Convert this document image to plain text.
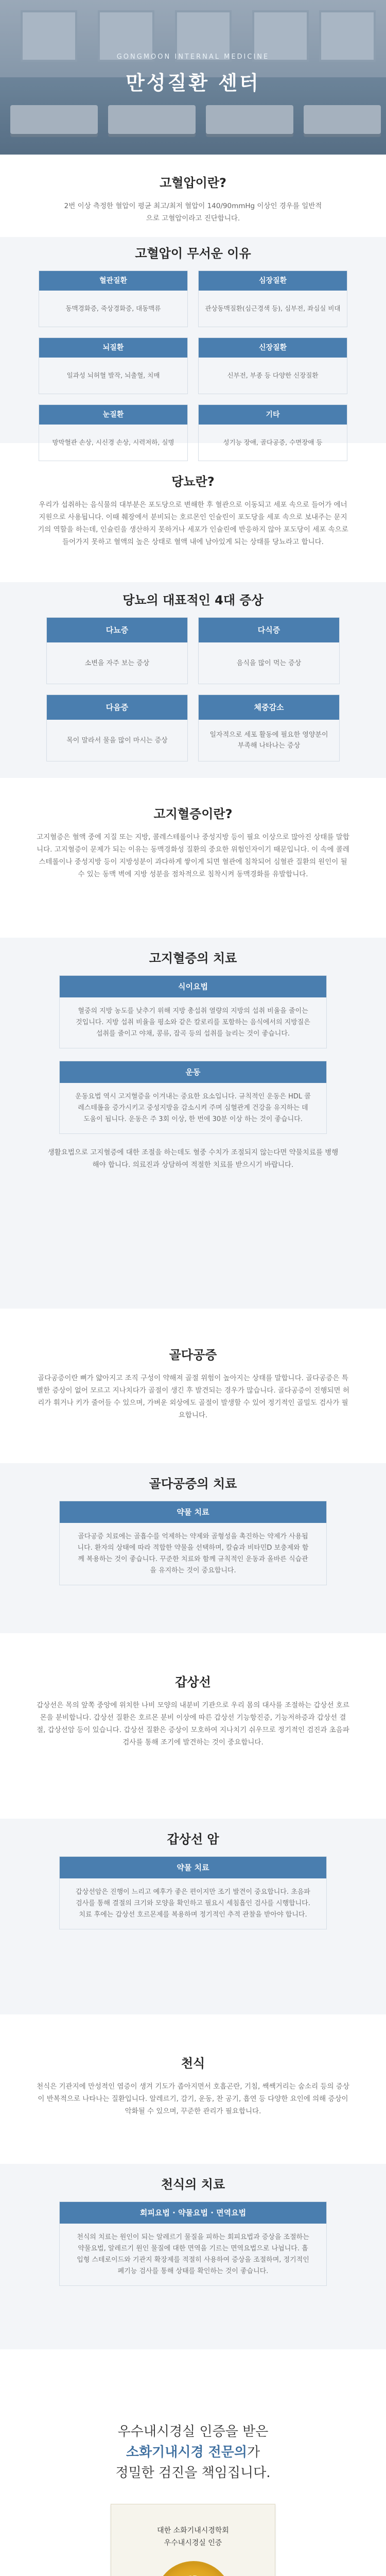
GONGMOON INTERNAL MEDICINE
만성질환 센터
고혈압이란?
2번 이상 측정한 혈압이 평균 최고/최저 혈압이 140/90mmHg 이상인 경우를 일반적으로 고혈압이라고 진단합니다.
고혈압이 무서운 이유
혈관질환
동맥경화증, 죽상경화증, 대동맥류
심장질환
관상동맥질환(심근경색 등), 심부전, 좌심실 비대
뇌질환
일과성 뇌허혈 발작, 뇌출혈, 치매
신장질환
신부전, 부종 등 다양한 신장질환
눈질환
망막혈관 손상, 시신경 손상, 시력저하, 실명
기타
성기능 장애, 골다공증, 수면장애 등
당뇨란?
우리가 섭취하는 음식물의 대부분은 포도당으로 변해한 후 혈관으로 이동되고 세포 속으로 들어가 에너지원으로 사용됩니다. 이때 췌장에서 분비되는 호르몬인 인슐린이 포도당을 세포 속으로 보내주는 문지기의 역할을 하는데, 인슐린을 생산하지 못하거나 세포가 인슐린에 반응하지 않아 포도당이 세포 속으로 들어가지 못하고 혈액의 높은 상태로 혈액 내에 남아있게 되는 상태를 당뇨라고 합니다.
당뇨의 대표적인 4대 증상
다뇨증
소변을 자주 보는 증상
다식증
음식을 많이 먹는 증상
다음증
목이 말라서 물을 많이 마시는 증상
체중감소
일자적으로 세포 활동에 필요한 영양분이 부족해 나타나는 증상
고지혈증이란?
고지혈증은 혈액 중에 지질 또는 지방, 콜레스테롤이나 중성지방 등이 필요 이상으로 많아진 상태를 말합니다. 고지혈증이 문제가 되는 이유는 동맥경화성 질환의 중요한 위험인자이기 때문입니다. 이 속에 콜레스테롤이나 중성지방 등이 지방성분이 과다하게 쌓이게 되면 혈관에 침착되어 심혈관 질환의 원인이 될 수 있는 동맥 벽에 지방 성분을 점차적으로 침착시켜 동맥경화를 유발합니다.
고지혈증의 치료
식이요법
혈중의 지방 농도를 낮추기 위해 지방 총섭취 열량의 지방의 섭취 비율을 줄이는 것입니다. 지방 섭취 비율을 평소와 같은 칼로리를 포함하는 음식에서의 지방질은 섭취를 줄이고 야채, 콩류, 잡곡 등의 섭취를 늘리는 것이 좋습니다.
운동
운동요법 역시 고지혈증을 이겨내는 중요한 요소입니다. 규칙적인 운동은 HDL 콜레스테롤을 증가시키고 중성지방을 감소시켜 주며 심혈관계 건강을 유지하는 데 도움이 됩니다. 운동은 주 3회 이상, 한 번에 30분 이상 하는 것이 좋습니다.
생활요법으로 고지혈증에 대한 조절을 하는데도 혈중 수치가 조절되지 않는다면 약물치료를 병행해야 합니다. 의료진과 상담하여 적절한 치료를 받으시기 바랍니다.
골다공증
골다공증이란 뼈가 얇아지고 조직 구성이 약해져 골절 위험이 높아지는 상태를 말합니다. 골다공증은 특별한 증상이 없어 모르고 지나치다가 골절이 생긴 후 발견되는 경우가 많습니다. 골다공증이 진행되면 허리가 휘거나 키가 줄어들 수 있으며, 가벼운 외상에도 골절이 발생할 수 있어 정기적인 골밀도 검사가 필요합니다.
골다공증의 치료
약물 치료
골다공증 치료에는 골흡수를 억제하는 약제와 골형성을 촉진하는 약제가 사용됩니다. 환자의 상태에 따라 적합한 약물을 선택하며, 칼슘과 비타민D 보충제와 함께 복용하는 것이 좋습니다. 꾸준한 치료와 함께 규칙적인 운동과 올바른 식습관을 유지하는 것이 중요합니다.
갑상선
갑상선은 목의 앞쪽 중앙에 위치한 나비 모양의 내분비 기관으로 우리 몸의 대사를 조절하는 갑상선 호르몬을 분비합니다. 갑상선 질환은 호르몬 분비 이상에 따른 갑상선 기능항진증, 기능저하증과 갑상선 결절, 갑상선암 등이 있습니다. 갑상선 질환은 증상이 모호하여 지나치기 쉬우므로 정기적인 검진과 초음파 검사를 통해 조기에 발견하는 것이 중요합니다.
갑상선 암
약물 치료
갑상선암은 진행이 느리고 예후가 좋은 편이지만 조기 발견이 중요합니다. 초음파 검사를 통해 결절의 크기와 모양을 확인하고 필요시 세침흡인 검사를 시행합니다. 치료 후에는 갑상선 호르몬제를 복용하며 정기적인 추적 관찰을 받아야 합니다.
천식
천식은 기관지에 만성적인 염증이 생겨 기도가 좁아지면서 호흡곤란, 기침, 쌕쌕거리는 숨소리 등의 증상이 반복적으로 나타나는 질환입니다. 알레르기, 감기, 운동, 찬 공기, 흡연 등 다양한 요인에 의해 증상이 악화될 수 있으며, 꾸준한 관리가 필요합니다.
천식의 치료
회피요법 · 약물요법 · 면역요법
천식의 치료는 원인이 되는 알레르기 물질을 피하는 회피요법과 증상을 조절하는 약물요법, 알레르기 원인 물질에 대한 면역을 기르는 면역요법으로 나뉩니다. 흡입형 스테로이드와 기관지 확장제를 적절히 사용하여 증상을 조절하며, 정기적인 폐기능 검사를 통해 상태를 확인하는 것이 좋습니다.
우수내시경실 인증을 받은
소화기내시경 전문의가
정밀한 검진을 책임집니다.
대한 소화기내시경학회
우수내시경실 인증
